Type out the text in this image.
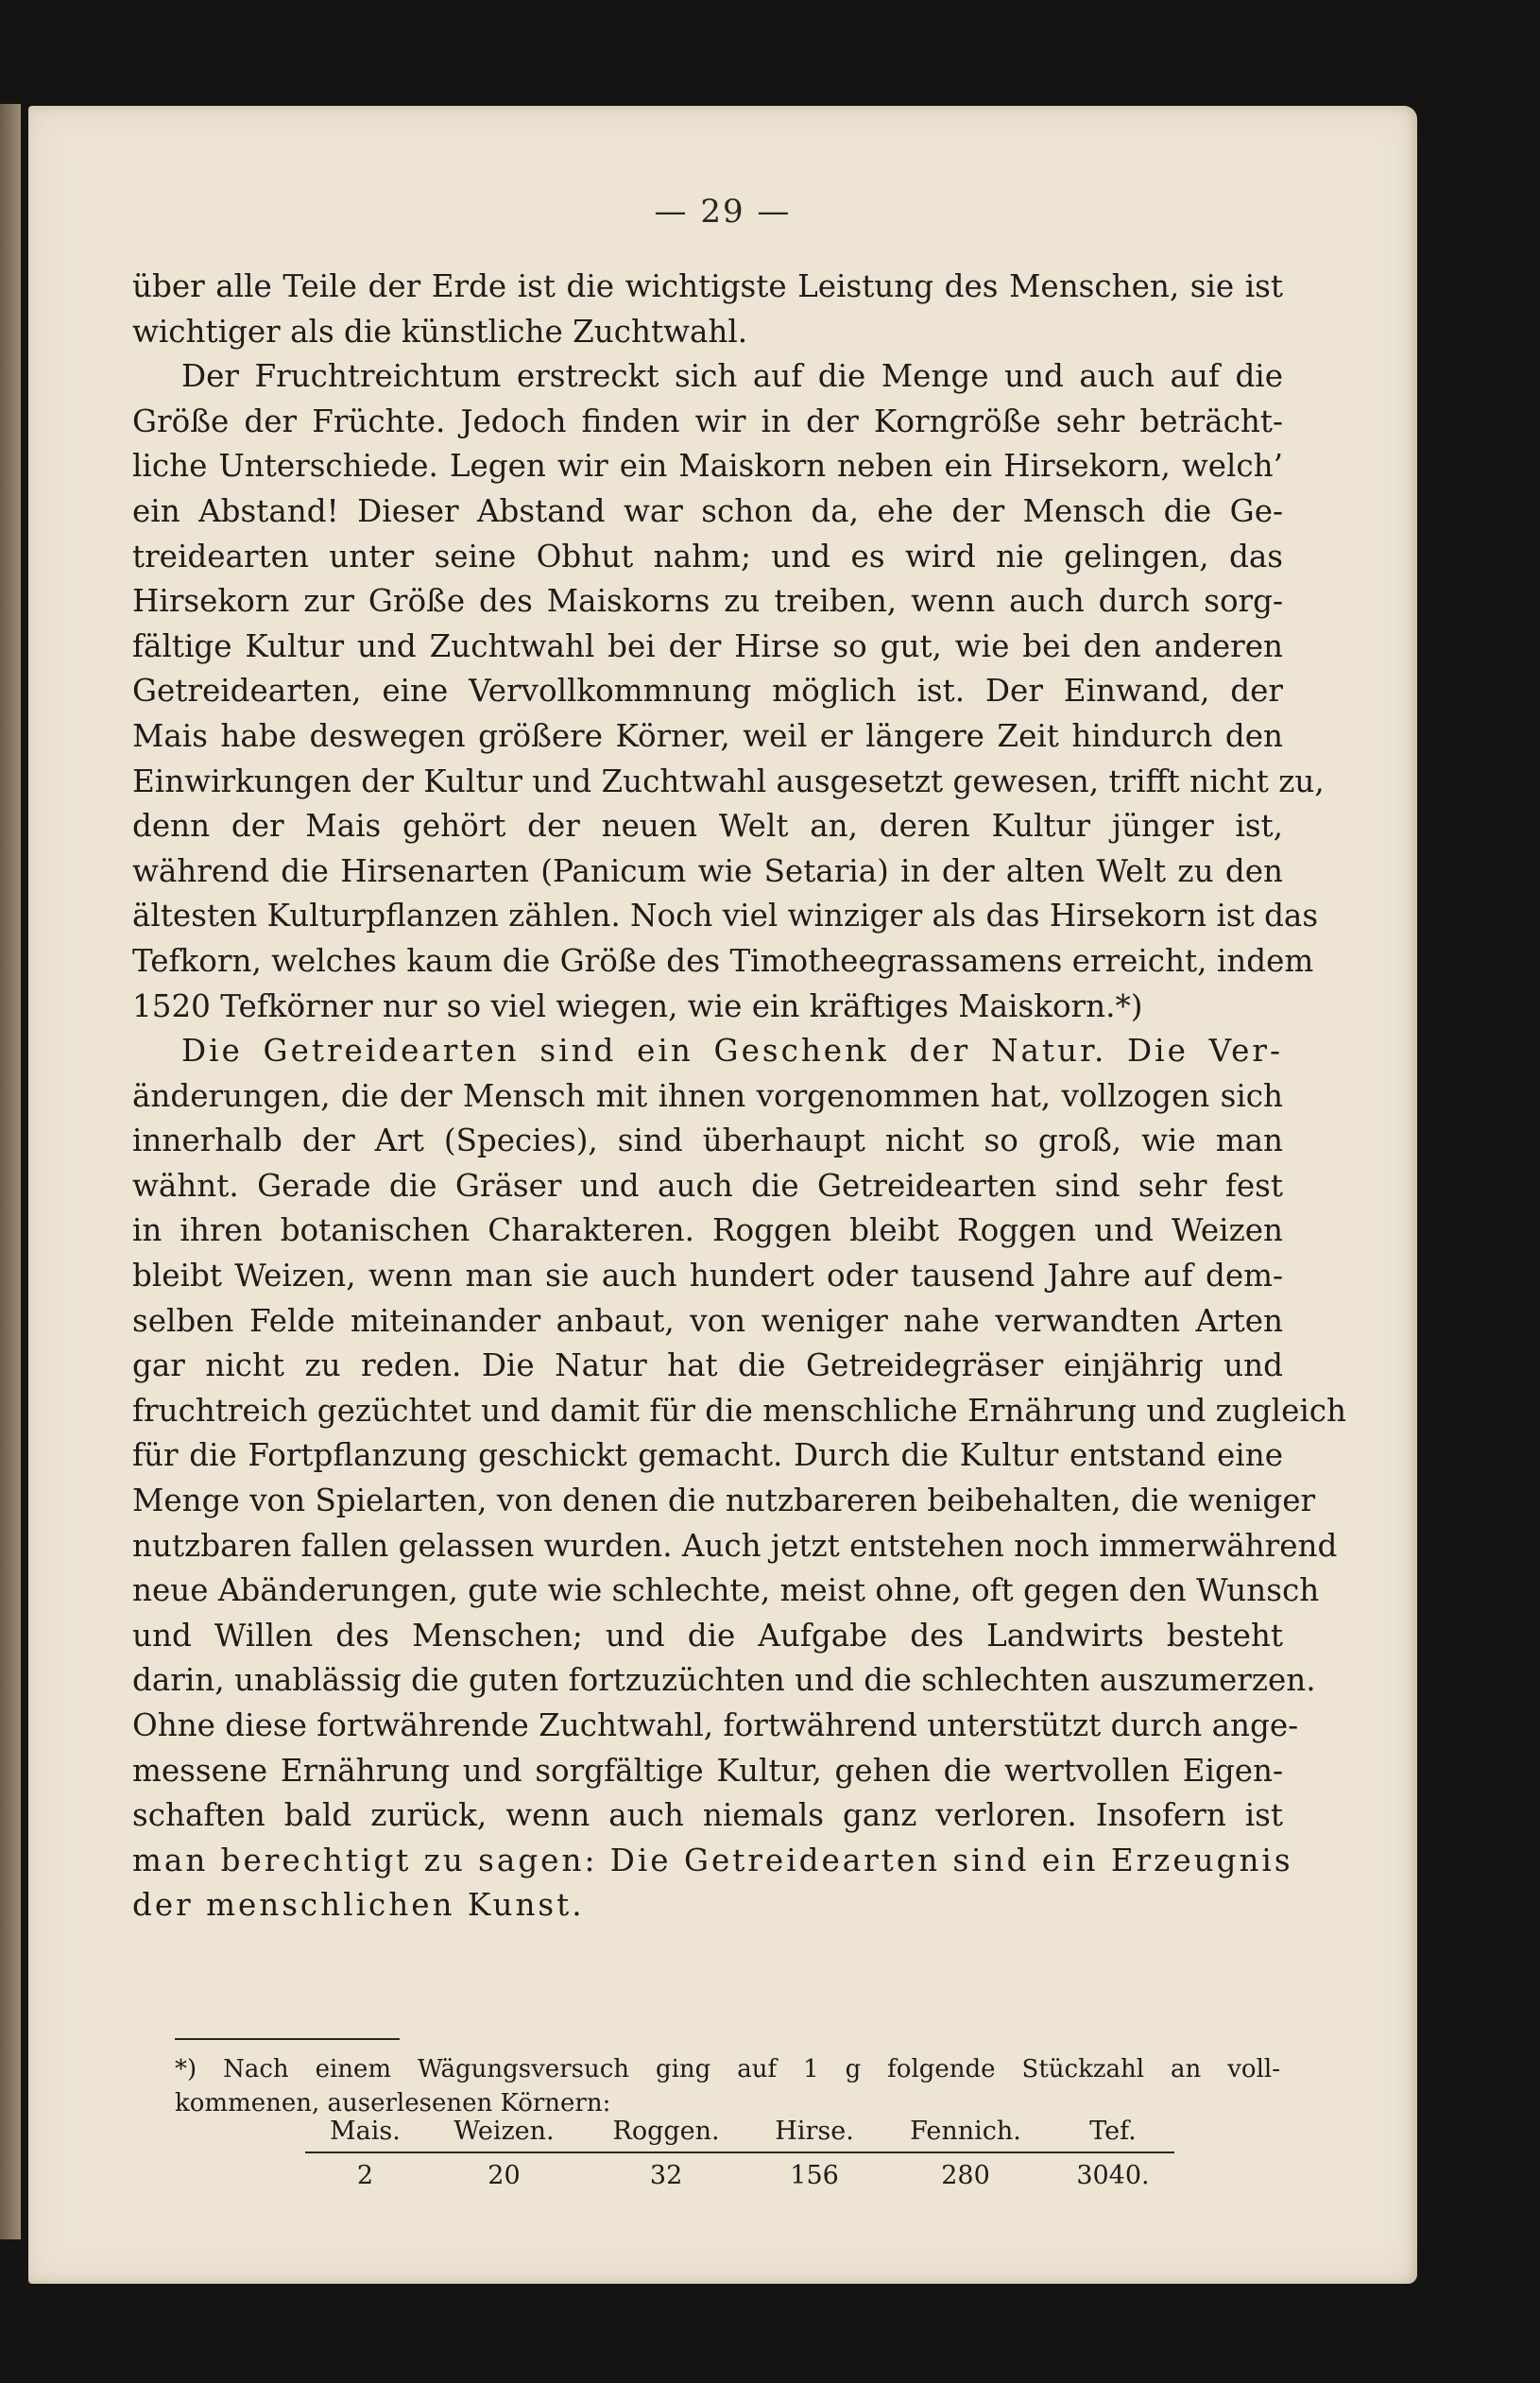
— 29 —
über alle Teile der Erde ist die wichtigste Leistung des Menschen, sie ist
wichtiger als die künstliche Zuchtwahl.
Der Fruchtreichtum erstreckt sich auf die Menge und auch auf die
Größe der Früchte. Jedoch finden wir in der Korngröße sehr beträcht-
liche Unterschiede. Legen wir ein Maiskorn neben ein Hirsekorn, welch’
ein Abstand! Dieser Abstand war schon da, ehe der Mensch die Ge-
treidearten unter seine Obhut nahm; und es wird nie gelingen, das
Hirsekorn zur Größe des Maiskorns zu treiben, wenn auch durch sorg-
fältige Kultur und Zuchtwahl bei der Hirse so gut, wie bei den anderen
Getreidearten, eine Vervollkommnung möglich ist. Der Einwand, der
Mais habe deswegen größere Körner, weil er längere Zeit hindurch den
Einwirkungen der Kultur und Zuchtwahl ausgesetzt gewesen, trifft nicht zu,
denn der Mais gehört der neuen Welt an, deren Kultur jünger ist,
während die Hirsenarten (Panicum wie Setaria) in der alten Welt zu den
ältesten Kulturpflanzen zählen. Noch viel winziger als das Hirsekorn ist das
Tefkorn, welches kaum die Größe des Timotheegrassamens erreicht, indem
1520 Tefkörner nur so viel wiegen, wie ein kräftiges Maiskorn.*)
Die Getreidearten sind ein Geschenk der Natur. Die Ver-
änderungen, die der Mensch mit ihnen vorgenommen hat, vollzogen sich
innerhalb der Art (Species), sind überhaupt nicht so groß, wie man
wähnt. Gerade die Gräser und auch die Getreidearten sind sehr fest
in ihren botanischen Charakteren. Roggen bleibt Roggen und Weizen
bleibt Weizen, wenn man sie auch hundert oder tausend Jahre auf dem-
selben Felde miteinander anbaut, von weniger nahe verwandten Arten
gar nicht zu reden. Die Natur hat die Getreidegräser einjährig und
fruchtreich gezüchtet und damit für die menschliche Ernährung und zugleich
für die Fortpflanzung geschickt gemacht. Durch die Kultur entstand eine
Menge von Spielarten, von denen die nutzbareren beibehalten, die weniger
nutzbaren fallen gelassen wurden. Auch jetzt entstehen noch immerwährend
neue Abänderungen, gute wie schlechte, meist ohne, oft gegen den Wunsch
und Willen des Menschen; und die Aufgabe des Landwirts besteht
darin, unablässig die guten fortzuzüchten und die schlechten auszumerzen.
Ohne diese fortwährende Zuchtwahl, fortwährend unterstützt durch ange-
messene Ernährung und sorgfältige Kultur, gehen die wertvollen Eigen-
schaften bald zurück, wenn auch niemals ganz verloren. Insofern ist
man berechtigt zu sagen: Die Getreidearten sind ein Erzeugnis
der menschlichen Kunst.
*) Nach einem Wägungsversuch ging auf 1 g folgende Stückzahl an voll-
kommenen, auserlesenen Körnern:
Mais.	Weizen.	Roggen.	Hirse.	Fennich.	Tef.
2	20	32	156	280	3040.
